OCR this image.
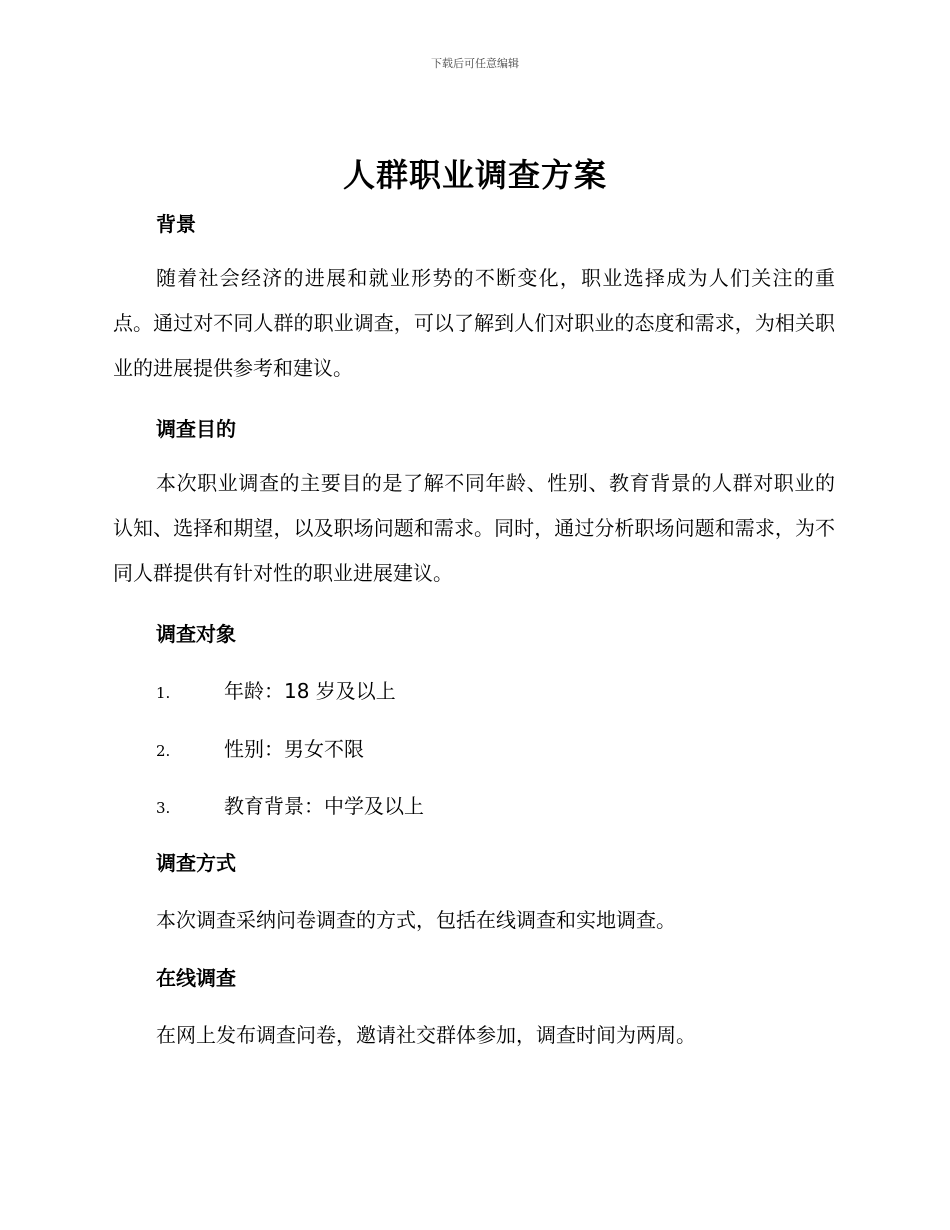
下载后可任意编辑
人群职业调查方案
背景
随着社会经济的进展和就业形势的不断变化，职业选择成为人们关注的重点。通过对不同人群的职业调查，可以了解到人们对职业的态度和需求，为相关职业的进展提供参考和建议。
调查目的
本次职业调查的主要目的是了解不同年龄、性别、教育背景的人群对职业的认知、选择和期望，以及职场问题和需求。同时，通过分析职场问题和需求，为不同人群提供有针对性的职业进展建议。
调查对象
1.	年龄：18 岁及以上
2.	性别：男女不限
3.	教育背景：中学及以上
调查方式
本次调查采纳问卷调查的方式，包括在线调查和实地调查。
在线调查
在网上发布调查问卷，邀请社交群体参加，调查时间为两周。
